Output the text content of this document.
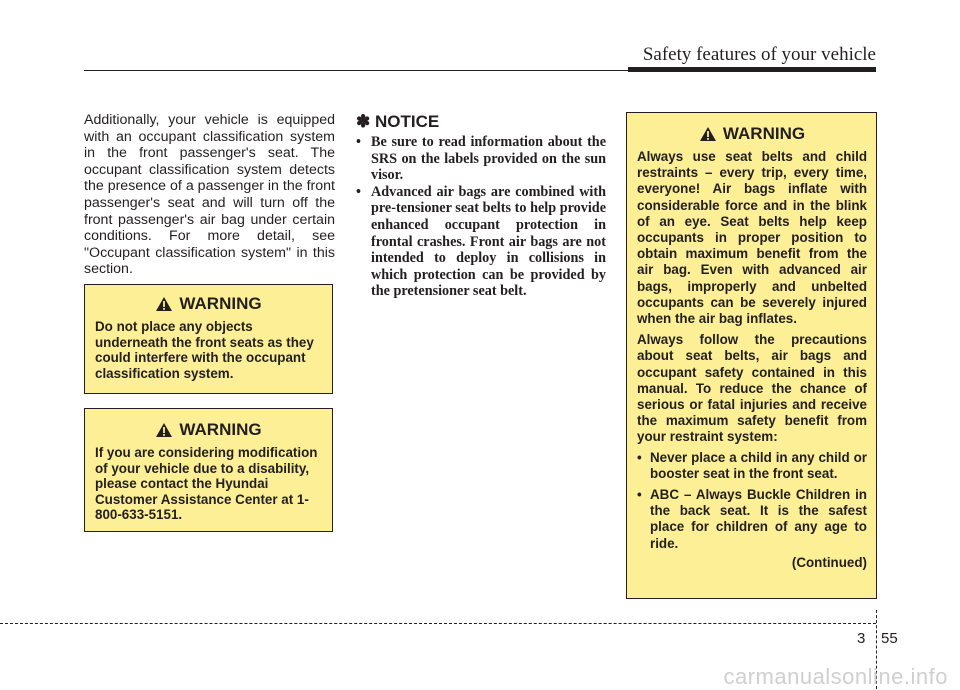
Safety features of your vehicle

Additionally, your vehicle is equipped with an occupant classification system in the front passenger's seat. The occupant classification system detects the presence of a passenger in the front passenger's seat and will turn off the front passenger's air bag under certain conditions. For more detail, see "Occupant classification system" in this section.

WARNING

Do not place any objects underneath the front seats as they could interfere with the occupant classification system.

WARNING

If you are considering modification of your vehicle due to a disability, please contact the Hyundai Customer Assistance Center at 1-800-633-5151.

✽ NOTICE
• Be sure to read information about the SRS on the labels provided on the sun visor.
• Advanced air bags are combined with pre-tensioner seat belts to help provide enhanced occupant protection in frontal crashes. Front air bags are not intended to deploy in collisions in which protection can be provided by the pretensioner seat belt.
WARNING

Always use seat belts and child restraints – every trip, every time, everyone! Air bags inflate with considerable force and in the blink of an eye. Seat belts help keep occupants in proper position to obtain maximum benefit from the air bag. Even with advanced air bags, improperly and unbelted occupants can be severely injured when the air bag inflates.

Always follow the precautions about seat belts, air bags and occupant safety contained in this manual. To reduce the chance of serious or fatal injuries and receive the maximum safety benefit from your restraint system:

• Never place a child in any child or booster seat in the front seat.
• ABC – Always Buckle Children in the back seat. It is the safest place for children of any age to ride.
(Continued)
3 55
carmanualsonline.info
